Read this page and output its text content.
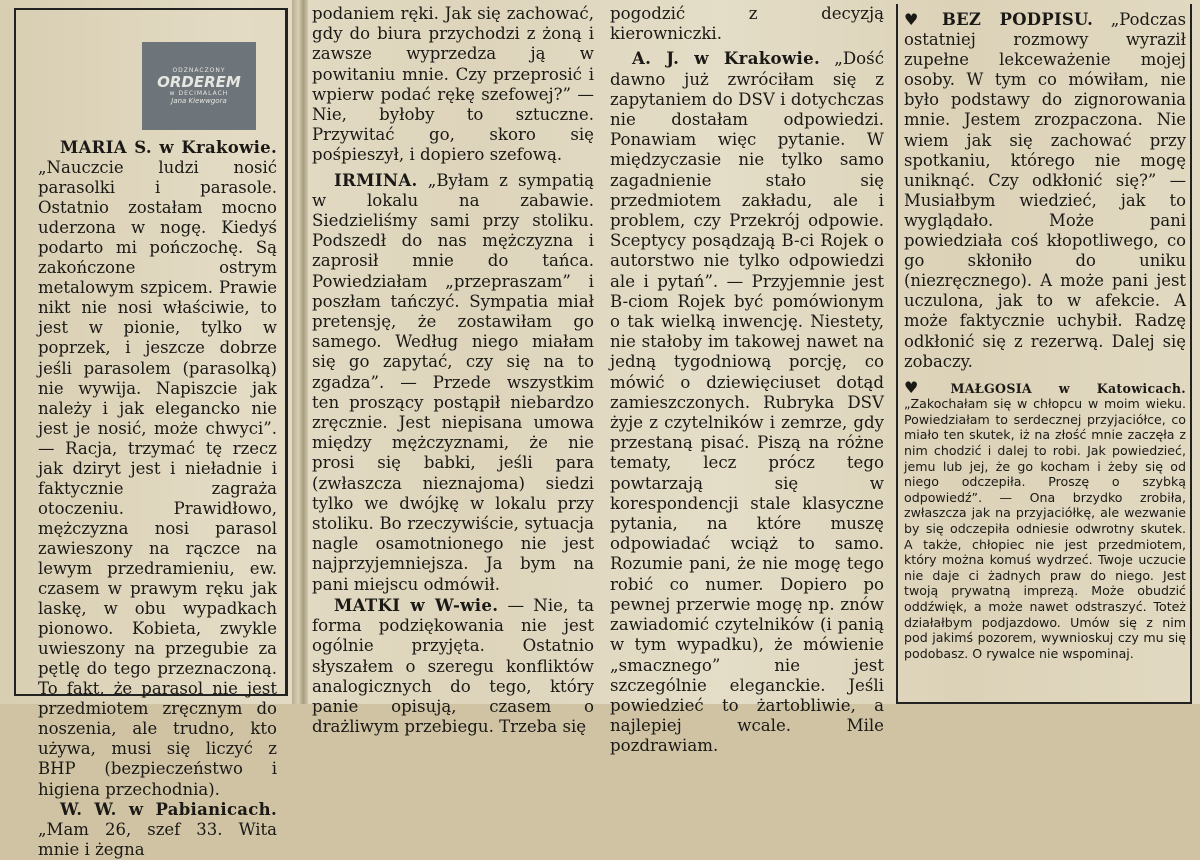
ODZNACZONY
ORDEREM
w DECIMALACH
Jana Kiewwgora

MARIA S. w Krakowie. „Nauczcie ludzi nosić parasolki i parasole. Ostatnio zostałam mocno uderzona w nogę. Kiedyś podarto mi pończochę. Są zakończone ostrym metalowym szpicem. Prawie nikt nie nosi właściwie, to jest w pionie, tylko w poprzek, i jeszcze dobrze jeśli parasolem (parasolką) nie wywija. Napiszcie jak należy i jak elegancko nie jest je nosić, może chwyci”. — Racja, trzymać tę rzecz jak dziryt jest i nieładnie i faktycznie zagraża otoczeniu. Prawidłowo, mężczyzna nosi parasol zawieszony na rączce na lewym przedramieniu, ew. czasem w prawym ręku jak laskę, w obu wypadkach pionowo. Kobieta, zwykle uwieszony na przegubie za pętlę do tego przeznaczoną. To fakt, że parasol nie jest przedmiotem zręcznym do noszenia, ale trudno, kto używa, musi się liczyć z BHP (bezpieczeństwo i higiena przechodnia).

W. W. w Pabianicach. „Mam 26, szef 33. Wita mnie i żegna

podaniem ręki. Jak się zachować, gdy do biura przychodzi z żoną i zawsze wyprzedza ją w powitaniu mnie. Czy przeprosić i wpierw podać rękę szefowej?” — Nie, byłoby to sztuczne. Przywitać go, skoro się pośpieszył, i dopiero szefową.

IRMINA. „Byłam z sympatią w lokalu na zabawie. Siedzieliśmy sami przy stoliku. Podszedł do nas mężczyzna i zaprosił mnie do tańca. Powiedziałam „przepraszam” i poszłam tańczyć. Sympatia miał pretensję, że zostawiłam go samego. Według niego miałam się go zapytać, czy się na to zgadza”. — Przede wszystkim ten proszący postąpił niebardzo zręcznie. Jest niepisana umowa między mężczyznami, że nie prosi się babki, jeśli para (zwłaszcza nieznajoma) siedzi tylko we dwójkę w lokalu przy stoliku. Bo rzeczywiście, sytuacja nagle osamotnionego nie jest najprzyjemniejsza. Ja bym na pani miejscu odmówił.

MATKI w W-wie. — Nie, ta forma podziękowania nie jest ogólnie przyjęta. Ostatnio słyszałem o szeregu konfliktów analogicznych do tego, który panie opisują, czasem o drażliwym przebiegu. Trzeba się

pogodzić z decyzją kierowniczki.

A. J. w Krakowie. „Dość dawno już zwróciłam się z zapytaniem do DSV i dotychczas nie dostałam odpowiedzi. Ponawiam więc pytanie. W międzyczasie nie tylko samo zagadnienie stało się przedmiotem zakładu, ale i problem, czy Przekrój odpowie. Sceptycy posądzają B-ci Rojek o autorstwo nie tylko odpowiedzi ale i pytań”. — Przyjemnie jest B-ciom Rojek być pomówionym o tak wielką inwencję. Niestety, nie stałoby im takowej nawet na jedną tygodniową porcję, co mówić o dziewięciuset dotąd zamieszczonych. Rubryka DSV żyje z czytelników i zemrze, gdy przestaną pisać. Piszą na różne tematy, lecz prócz tego powtarzają się w korespondencji stale klasyczne pytania, na które muszę odpowiadać wciąż to samo. Rozumie pani, że nie mogę tego robić co numer. Dopiero po pewnej przerwie mogę np. znów zawiadomić czytelników (i panią w tym wypadku), że mówienie „smacznego” nie jest szczególnie eleganckie. Jeśli powiedzieć to żartobliwie, a najlepiej wcale. Mile pozdrawiam.

♥ BEZ PODPISU. „Podczas ostatniej rozmowy wyraził zupełne lekceważenie mojej osoby. W tym co mówiłam, nie było podstawy do zignorowania mnie. Jestem zrozpaczona. Nie wiem jak się zachować przy spotkaniu, którego nie mogę uniknąć. Czy odkłonić się?” — Musiałbym wiedzieć, jak to wyglądało. Może pani powiedziała coś kłopotliwego, co go skłoniło do uniku (niezręcznego). A może pani jest uczulona, jak to w afekcie. A może faktycznie uchybił. Radzę odkłonić się z rezerwą. Dalej się zobaczy.

♥	MAŁGOSIA w Katowicach. „Zakochałam się w chłopcu w moim wieku. Powiedziałam to serdecznej przyjaciółce, co miało ten skutek, iż na złość mnie zaczęła z nim chodzić i dalej to robi. Jak powiedzieć, jemu lub jej, że go kocham i żeby się od niego odczepiła. Proszę o szybką odpowiedź”. — Ona brzydko zrobiła, zwłaszcza jak na przyjaciółkę, ale wezwanie by się odczepiła odniesie odwrotny skutek. A także, chłopiec nie jest przedmiotem, który można komuś wydrzeć. Twoje uczucie nie daje ci żadnych praw do niego. Jest twoją prywatną imprezą. Może obudzić oddźwięk, a może nawet odstraszyć. Toteż działałbym podjazdowo. Umów się z nim pod jakimś pozorem, wywnioskuj czy mu się podobasz. O rywalce nie wspominaj.
